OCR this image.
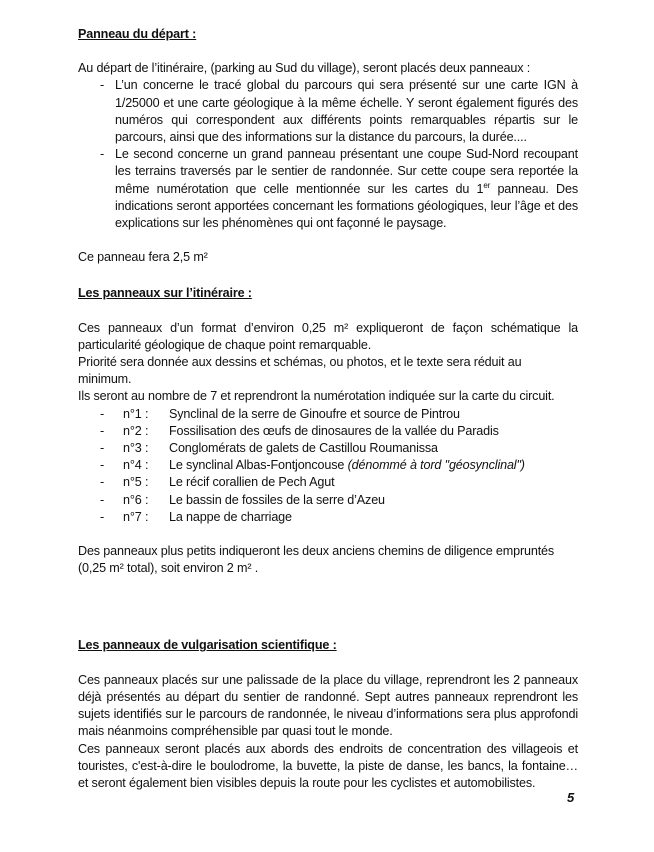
Panneau du départ :

Au départ de l’itinéraire, (parking au Sud du village), seront placés deux panneaux :

- L’un concerne le tracé global du parcours qui sera présenté sur une carte IGN à 1/25000 et une carte géologique à la même échelle. Y seront également figurés des numéros qui correspondent aux différents points remarquables répartis sur le parcours, ainsi que des informations sur la distance du parcours, la durée....
- Le second concerne un grand panneau présentant une coupe Sud-Nord recoupant les terrains traversés par le sentier de randonnée. Sur cette coupe sera reportée la même numérotation que celle mentionnée sur les cartes du 1er panneau. Des indications seront apportées concernant les formations géologiques, leur l’âge et des explications sur les phénomènes qui ont façonné le paysage.

Ce panneau fera 2,5 m²

Les panneaux sur l’itinéraire :

Ces panneaux d’un format d’environ 0,25 m² expliqueront de façon schématique la particularité géologique de chaque point remarquable.

Priorité sera donnée aux dessins et schémas, ou photos, et le texte sera réduit au minimum.

Ils seront au nombre de 7 et reprendront la numérotation indiquée sur la carte du circuit.

- n°1 : Synclinal de la serre de Ginoufre et source de Pintrou
- n°2 : Fossilisation des œufs de dinosaures de la vallée du Paradis
- n°3 : Conglomérats de galets de Castillou Roumanissa
- n°4 : Le synclinal Albas-Fontjoncouse (dénommé à tord "géosynclinal")
- n°5 : Le récif corallien de Pech Agut
- n°6 : Le bassin de fossiles de la serre d’Azeu
- n°7 : La nappe de charriage

Des panneaux plus petits indiqueront les deux anciens chemins de diligence empruntés (0,25 m² total), soit environ 2 m² .

Les panneaux de vulgarisation scientifique :

Ces panneaux placés sur une palissade de la place du village, reprendront les 2 panneaux déjà présentés au départ du sentier de randonné. Sept autres panneaux reprendront les sujets identifiés sur le parcours de randonnée, le niveau d’informations sera plus approfondi mais néanmoins compréhensible par quasi tout le monde.

Ces panneaux seront placés aux abords des endroits de concentration des villageois et touristes, c'est-à-dire le boulodrome, la buvette, la piste de danse, les bancs, la fontaine… et seront également bien visibles depuis la route pour les cyclistes et automobilistes.

5
